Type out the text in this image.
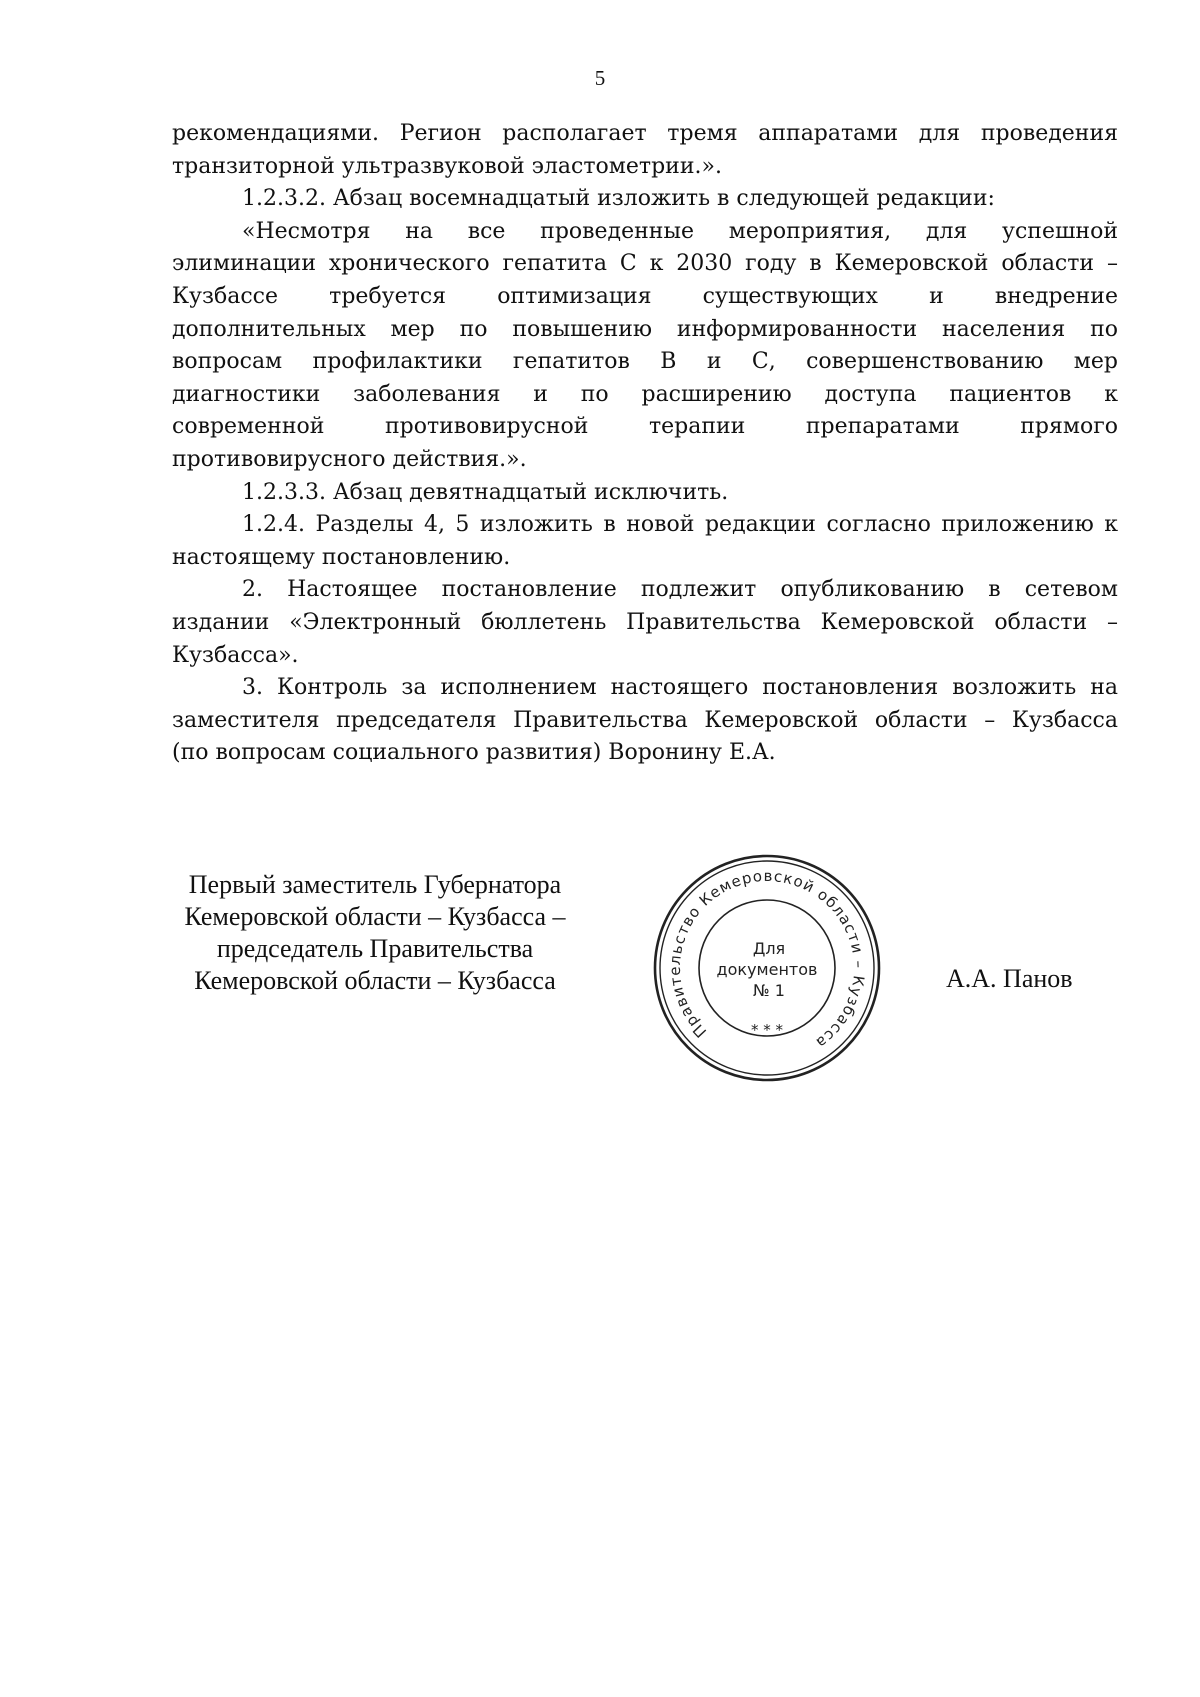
5
рекомендациями. Регион располагает тремя аппаратами для проведения
транзиторной ультразвуковой эластометрии.».
1.2.3.2. Абзац восемнадцатый изложить в следующей редакции:
«Несмотря на все проведенные мероприятия, для успешной
элиминации хронического гепатита С к 2030 году в Кемеровской области –
Кузбассе требуется оптимизация существующих и внедрение
дополнительных мер по повышению информированности населения по
вопросам профилактики гепатитов В и С, совершенствованию мер
диагностики заболевания и по расширению доступа пациентов к
современной противовирусной терапии препаратами прямого
противовирусного действия.».
1.2.3.3. Абзац девятнадцатый исключить.
1.2.4. Разделы 4, 5 изложить в новой редакции согласно приложению к
настоящему постановлению.
2. Настоящее постановление подлежит опубликованию в сетевом
издании «Электронный бюллетень Правительства Кемеровской области –
Кузбасса».
3. Контроль за исполнением настоящего постановления возложить на
заместителя председателя Правительства Кемеровской области – Кузбасса
(по вопросам социального развития) Воронину Е.А.
Первый заместитель Губернатора
Кемеровской области – Кузбасса –
председатель Правительства
Кемеровской области – Кузбасса
Правительство Кемеровской области – Кузбасса
* * *
Для
документов
№ 1	А.А. Панов
